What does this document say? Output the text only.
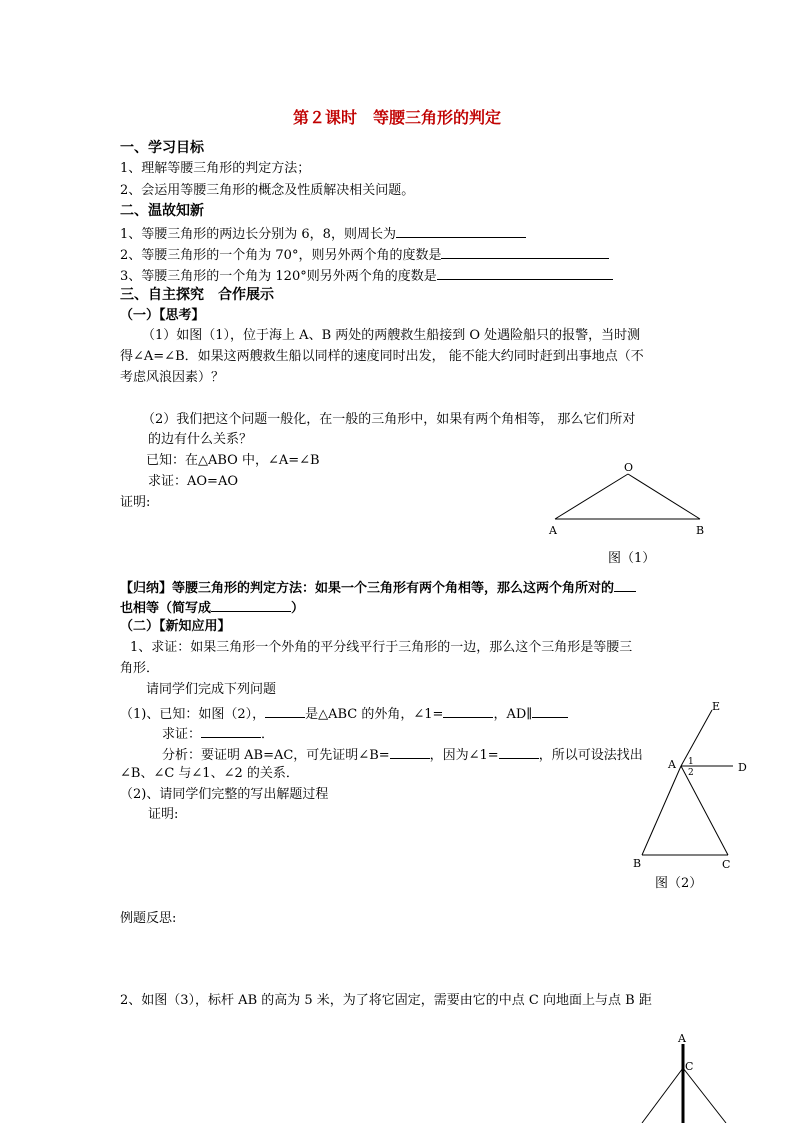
第２课时　等腰三角形的判定
一、学习目标
1、理解等腰三角形的判定方法；
2、会运用等腰三角形的概念及性质解决相关问题。
二、温故知新
1、等腰三角形的两边长分别为 6，8，则周长为
2、等腰三角形的一个角为 70°，则另外两个角的度数是
3、等腰三角形的一个角为 120°则另外两个角的度数是
三、自主探究　合作展示
（一）【思考】
（1）如图（1），位于海上 A、B 两处的两艘救生船接到 O 处遇险船只的报警，当时测
得∠A=∠B．如果这两艘救生船以同样的速度同时出发， 能不能大约同时赶到出事地点（不
考虑风浪因素）？
（2）我们把这个问题一般化，在一般的三角形中，如果有两个角相等， 那么它们所对
的边有什么关系？
已知：在△ABO 中，∠A=∠B
求证：AO=AO
证明:
O
A	B
图（1）
【归纳】等腰三角形的判定方法：如果一个三角形有两个角相等，那么这两个角所对的
也相等（简写成	）
（二）【新知应用】
1、求证：如果三角形一个外角的平分线平行于三角形的一边，那么这个三角形是等腰三
角形．
请同学们完成下列问题
（1)、已知：如图（2），	是△ABC 的外角，∠1=	，AD∥
求证：	．
分析：要证明 AB=AC，可先证明∠B=	，因为∠1=	，所以可设法找出
∠B、∠C 与∠1、∠2 的关系．
（2)、请同学们完整的写出解题过程
证明:
E
A	D
B	C
1
2
图（2）
例题反思:
2、如图（3），标杆 AB 的高为 5 米，为了将它固定，需要由它的中点 C 向地面上与点 B 距
A
C
